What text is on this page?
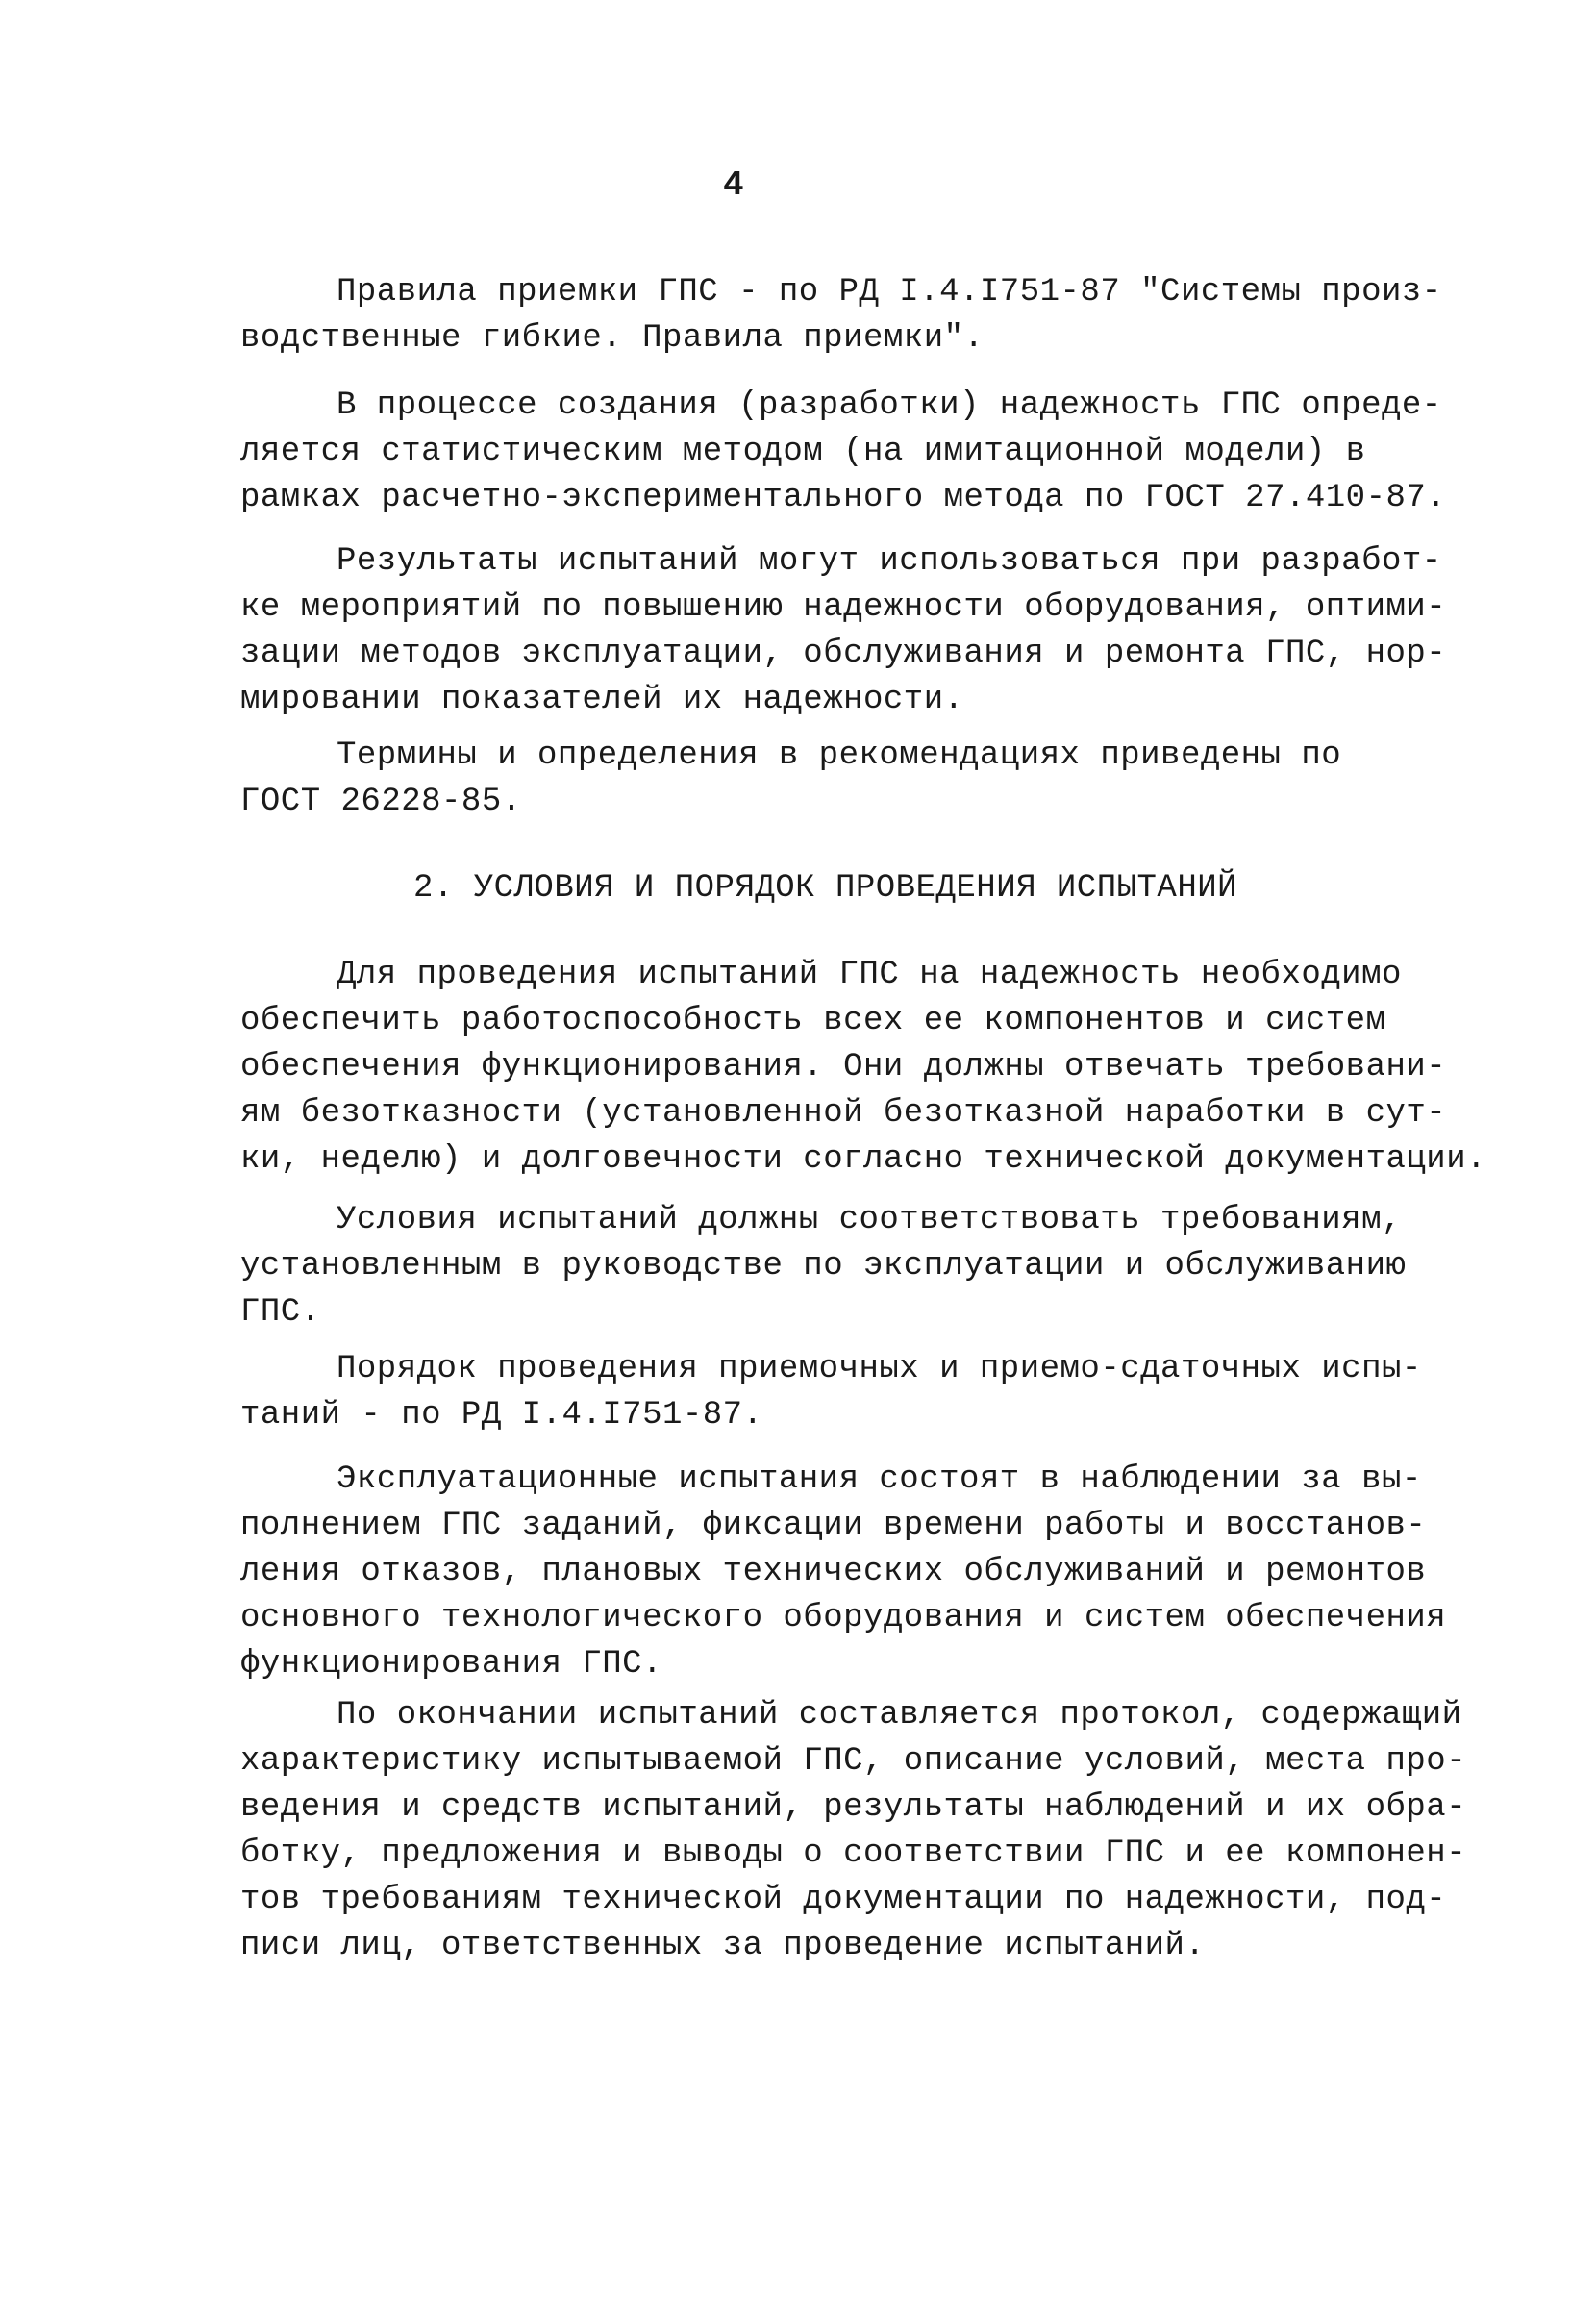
4
Правила приемки ГПС - по РД I.4.I751-87 "Системы произ-
водственные гибкие. Правила приемки".
В процессе создания (разработки) надежность ГПС опреде-
ляется статистическим методом (на имитационной модели) в
рамках расчетно-экспериментального метода по ГОСТ 27.410-87.
Результаты испытаний могут использоваться при разработ-
ке мероприятий по повышению надежности оборудования, оптими-
зации методов эксплуатации, обслуживания и ремонта ГПС, нор-
мировании показателей их надежности.
Термины и определения в рекомендациях приведены по
ГОСТ 26228-85.
2. УСЛОВИЯ И ПОРЯДОК ПРОВЕДЕНИЯ ИСПЫТАНИЙ
Для проведения испытаний ГПС на надежность необходимо
обеспечить работоспособность всех ее компонентов и систем
обеспечения функционирования. Они должны отвечать требовани-
ям безотказности (установленной безотказной наработки в сут-
ки, неделю) и долговечности согласно технической документации.
Условия испытаний должны соответствовать требованиям,
установленным в руководстве по эксплуатации и обслуживанию
ГПС.
Порядок проведения приемочных и приемо-сдаточных испы-
таний - по РД I.4.I751-87.
Эксплуатационные испытания состоят в наблюдении за вы-
полнением ГПС заданий, фиксации времени работы и восстанов-
ления отказов, плановых технических обслуживаний и ремонтов
основного технологического оборудования и систем обеспечения
функционирования ГПС.
По окончании испытаний составляется протокол, содержащий
характеристику испытываемой ГПС, описание условий, места про-
ведения и средств испытаний, результаты наблюдений и их обра-
ботку, предложения и выводы о соответствии ГПС и ее компонен-
тов требованиям технической документации по надежности, под-
писи лиц, ответственных за проведение испытаний.
